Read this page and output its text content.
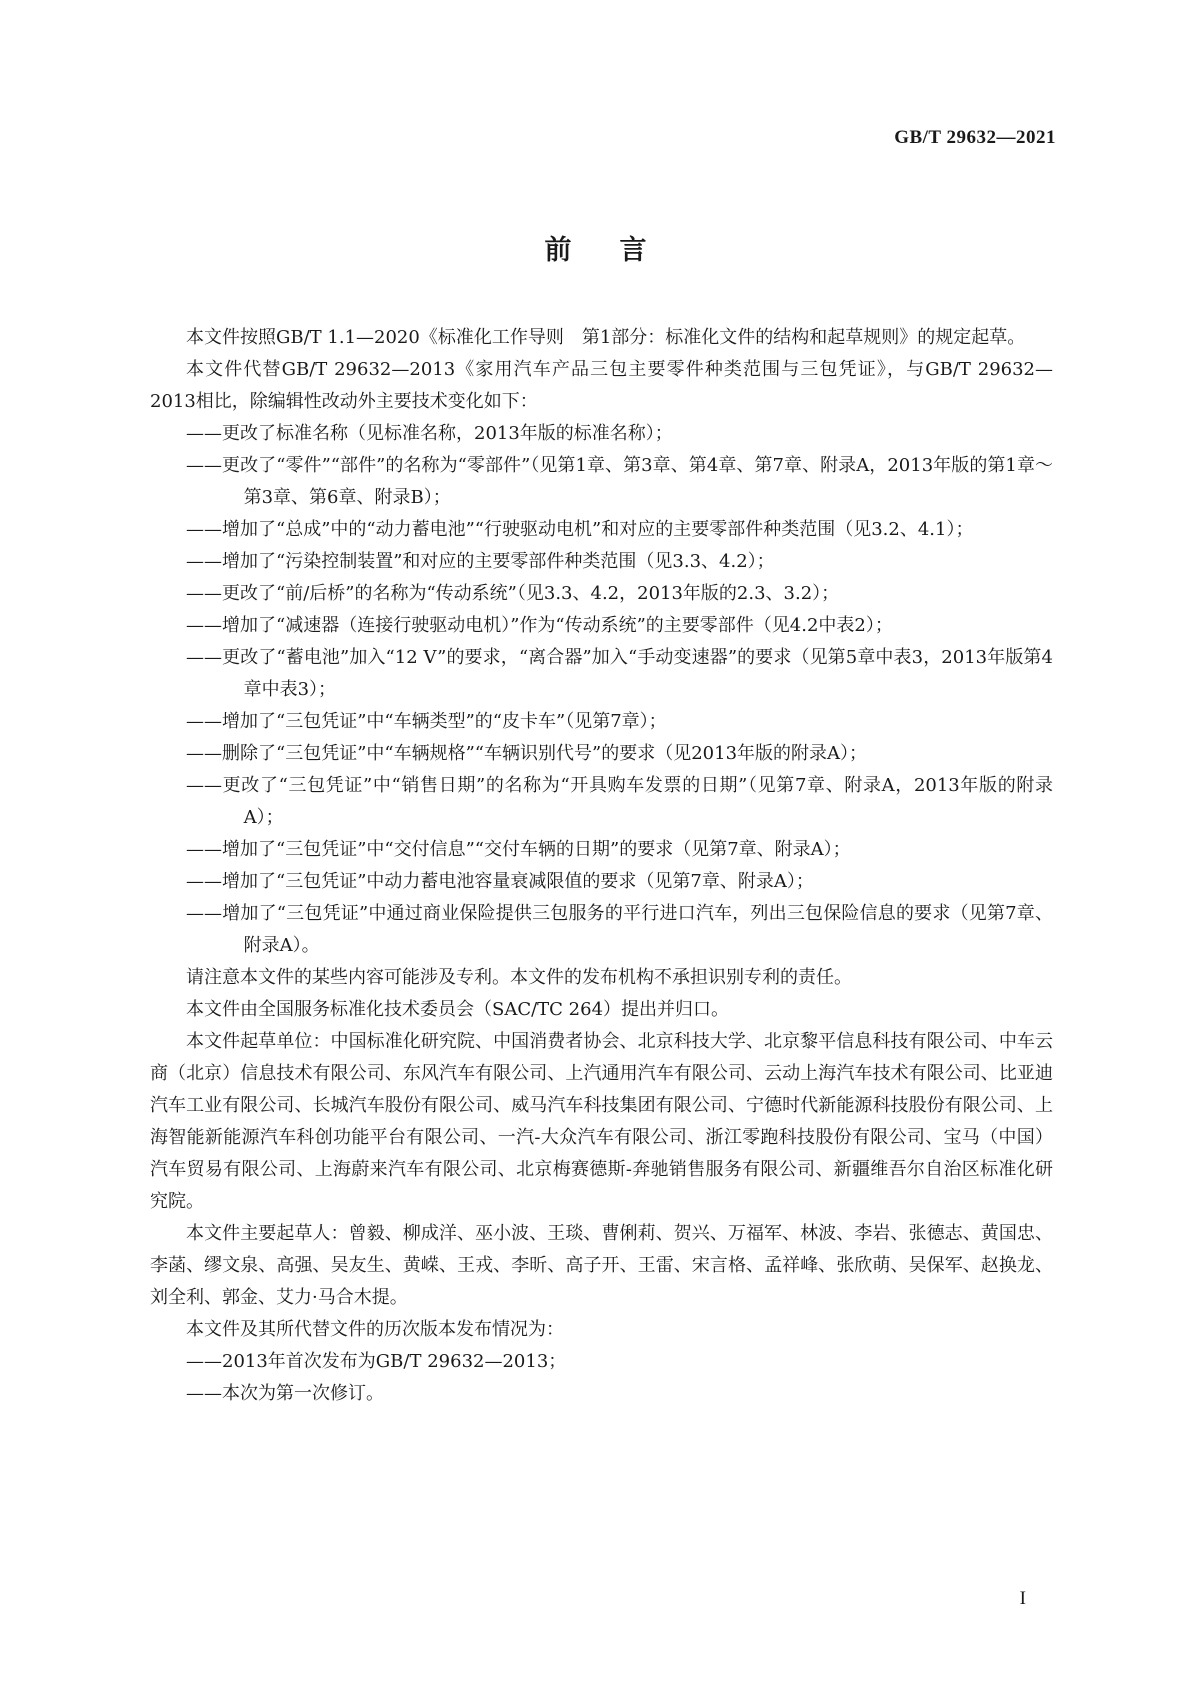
GB/T 29632—2021
前言

本文件按照GB/T 1.1—2020《标准化工作导则　第1部分：标准化文件的结构和起草规则》的规定起草。

本文件代替GB/T 29632—2013《家用汽车产品三包主要零件种类范围与三包凭证》，与GB/T 29632—2013相比，除编辑性改动外主要技术变化如下：

——更改了标准名称（见标准名称，2013年版的标准名称）；

——更改了“零件”“部件”的名称为“零部件”（见第1章、第3章、第4章、第7章、附录A，2013年版的第1章～第3章、第6章、附录B）；

——增加了“总成”中的“动力蓄电池”“行驶驱动电机”和对应的主要零部件种类范围（见3.2、4.1）；

——增加了“污染控制装置”和对应的主要零部件种类范围（见3.3、4.2）；

——更改了“前/后桥”的名称为“传动系统”（见3.3、4.2，2013年版的2.3、3.2）；

——增加了“减速器（连接行驶驱动电机）”作为“传动系统”的主要零部件（见4.2中表2）；

——更改了“蓄电池”加入“12 V”的要求，“离合器”加入“手动变速器”的要求（见第5章中表3，2013年版第4章中表3）；

——增加了“三包凭证”中“车辆类型”的“皮卡车”（见第7章）；

——删除了“三包凭证”中“车辆规格”“车辆识别代号”的要求（见2013年版的附录A）；

——更改了“三包凭证”中“销售日期”的名称为“开具购车发票的日期”（见第7章、附录A，2013年版的附录A）；

——增加了“三包凭证”中“交付信息”“交付车辆的日期”的要求（见第7章、附录A）；

——增加了“三包凭证”中动力蓄电池容量衰减限值的要求（见第7章、附录A）；

——增加了“三包凭证”中通过商业保险提供三包服务的平行进口汽车，列出三包保险信息的要求（见第7章、附录A）。

请注意本文件的某些内容可能涉及专利。本文件的发布机构不承担识别专利的责任。

本文件由全国服务标准化技术委员会（SAC/TC 264）提出并归口。

本文件起草单位：中国标准化研究院、中国消费者协会、北京科技大学、北京黎平信息科技有限公司、中车云商（北京）信息技术有限公司、东风汽车有限公司、上汽通用汽车有限公司、云动上海汽车技术有限公司、比亚迪汽车工业有限公司、长城汽车股份有限公司、威马汽车科技集团有限公司、宁德时代新能源科技股份有限公司、上海智能新能源汽车科创功能平台有限公司、一汽-大众汽车有限公司、浙江零跑科技股份有限公司、宝马（中国）汽车贸易有限公司、上海蔚来汽车有限公司、北京梅赛德斯-奔驰销售服务有限公司、新疆维吾尔自治区标准化研究院。

本文件主要起草人：曾毅、柳成洋、巫小波、王琰、曹俐莉、贺兴、万福军、林波、李岩、张德志、黄国忠、李菡、缪文泉、高强、吴友生、黄嵘、王戎、李昕、高子开、王雷、宋言格、孟祥峰、张欣萌、吴保军、赵换龙、刘全利、郭金、艾力·马合木提。

本文件及其所代替文件的历次版本发布情况为：

——2013年首次发布为GB/T 29632—2013；

——本次为第一次修订。

I
